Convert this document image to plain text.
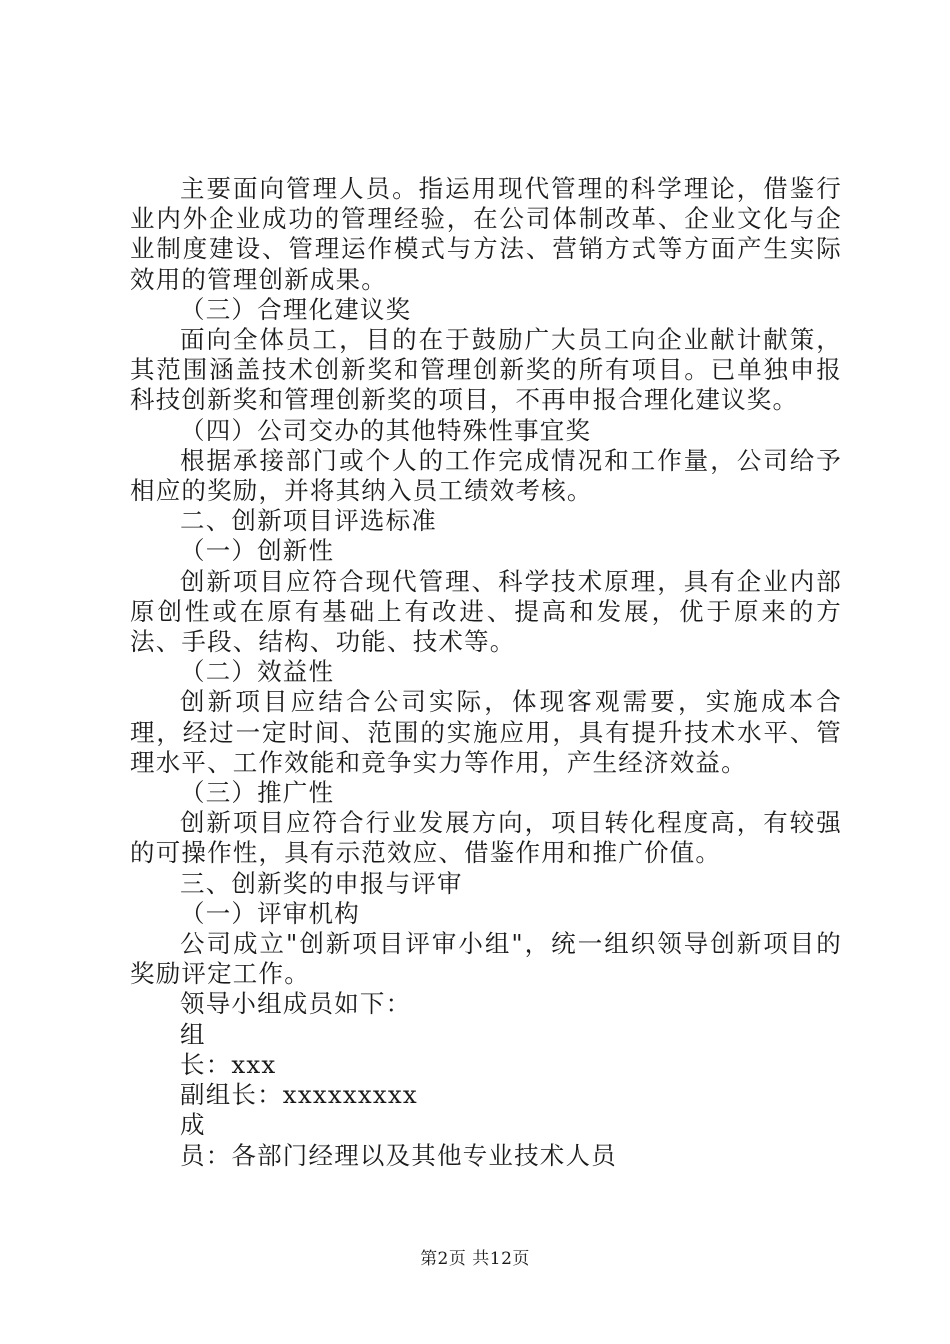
主要面向管理人员。指运用现代管理的科学理论，借鉴行业内外企业成功的管理经验，在公司体制改革、企业文化与企业制度建设、管理运作模式与方法、营销方式等方面产生实际效用的管理创新成果。

（三）合理化建议奖

面向全体员工，目的在于鼓励广大员工向企业献计献策，其范围涵盖技术创新奖和管理创新奖的所有项目。已单独申报科技创新奖和管理创新奖的项目，不再申报合理化建议奖。

（四）公司交办的其他特殊性事宜奖

根据承接部门或个人的工作完成情况和工作量，公司给予相应的奖励，并将其纳入员工绩效考核。

二、创新项目评选标准

（一）创新性

创新项目应符合现代管理、科学技术原理，具有企业内部原创性或在原有基础上有改进、提高和发展，优于原来的方法、手段、结构、功能、技术等。

（二）效益性

创新项目应结合公司实际，体现客观需要，实施成本合理，经过一定时间、范围的实施应用，具有提升技术水平、管理水平、工作效能和竞争实力等作用，产生经济效益。

（三）推广性

创新项目应符合行业发展方向，项目转化程度高，有较强的可操作性，具有示范效应、借鉴作用和推广价值。

三、创新奖的申报与评审

（一）评审机构

公司成立"创新项目评审小组"，统一组织领导创新项目的奖励评定工作。

领导小组成员如下：

组

长：xxx

副组长：xxxxxxxxx

成

员：各部门经理以及其他专业技术人员

第2页 共12页
